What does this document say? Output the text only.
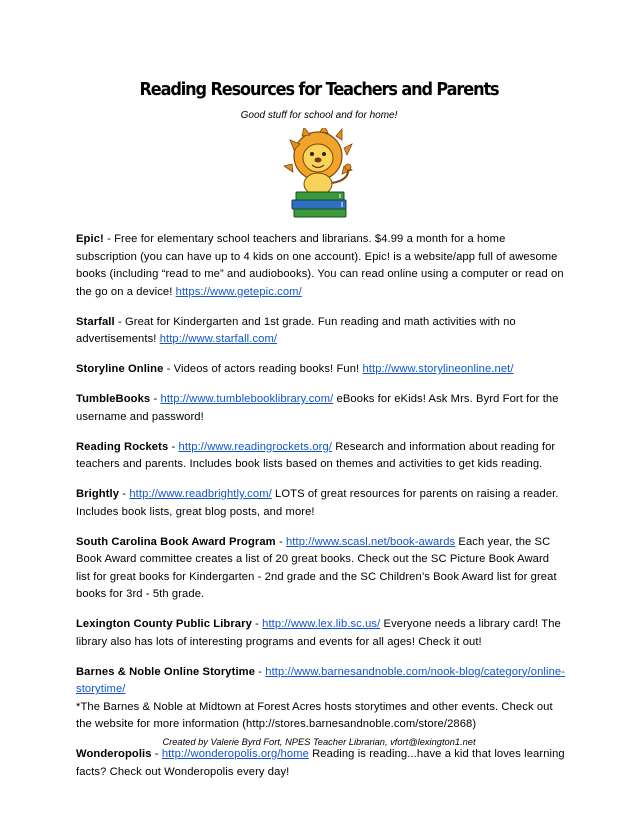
Reading Resources for Teachers and Parents
Good stuff for school and for home!

Epic! - Free for elementary school teachers and librarians. $4.99 a month for a home subscription (you can have up to 4 kids on one account). Epic! is a website/app full of awesome books (including “read to me” and audiobooks). You can read online using a computer or read on the go on a device! https://www.getepic.com/

Starfall - Great for Kindergarten and 1st grade. Fun reading and math activities with no advertisements! http://www.starfall.com/

Storyline Online - Videos of actors reading books! Fun! http://www.storylineonline.net/

TumbleBooks - http://www.tumblebooklibrary.com/ eBooks for eKids! Ask Mrs. Byrd Fort for the username and password!

Reading Rockets - http://www.readingrockets.org/ Research and information about reading for teachers and parents. Includes book lists based on themes and activities to get kids reading.

Brightly - http://www.readbrightly.com/ LOTS of great resources for parents on raising a reader. Includes book lists, great blog posts, and more!

South Carolina Book Award Program - http://www.scasl.net/book-awards Each year, the SC Book Award committee creates a list of 20 great books. Check out the SC Picture Book Award list for great books for Kindergarten - 2nd grade and the SC Children’s Book Award list for great books for 3rd - 5th grade.

Lexington County Public Library - http://www.lex.lib.sc.us/ Everyone needs a library card! The library also has lots of interesting programs and events for all ages! Check it out!

Barnes & Noble Online Storytime - http://www.barnesandnoble.com/nook-blog/category/online-storytime/
*The Barnes & Noble at Midtown at Forest Acres hosts storytimes and other events. Check out the website for more information (http://stores.barnesandnoble.com/store/2868)

Wonderopolis - http://wonderopolis.org/home Reading is reading...have a kid that loves learning facts? Check out Wonderopolis every day!

Created by Valerie Byrd Fort, NPES Teacher Librarian, vfort@lexington1.net
